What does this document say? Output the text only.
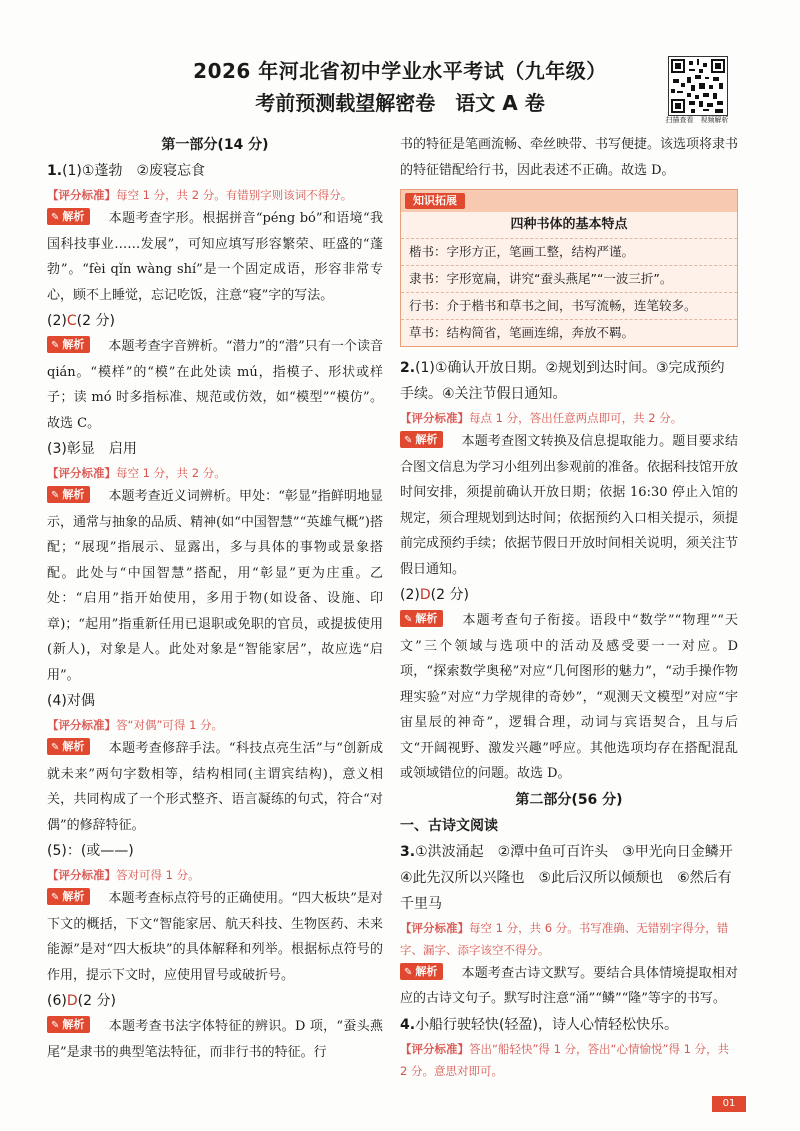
2026 年河北省初中学业水平考试（九年级）
考前预测载望解密卷　语文 A 卷
扫描查看　视频解析
第一部分(14 分)
1.(1)①蓬勃　②废寝忘食
【评分标准】每空 1 分，共 2 分。有错别字则该词不得分。
✎ 解析 本题考查字形。根据拼音“péng bó”和语境“我国科技事业……发展”，可知应填写形容繁荣、旺盛的“蓬勃”。“fèi qǐn wàng shí”是一个固定成语，形容非常专心，顾不上睡觉，忘记吃饭，注意“寝”字的写法。
(2)C(2 分)
✎ 解析 本题考查字音辨析。“潜力”的“潜”只有一个读音 qián。“模样”的“模”在此处读 mú，指模子、形状或样子；读 mó 时多指标准、规范或仿效，如“模型”“模仿”。故选 C。
(3)彰显　启用
【评分标准】每空 1 分，共 2 分。
✎ 解析 本题考查近义词辨析。甲处：“彰显”指鲜明地显示，通常与抽象的品质、精神(如“中国智慧”“英雄气概”)搭配；“展现”指展示、显露出，多与具体的事物或景象搭配。此处与“中国智慧”搭配，用“彰显”更为庄重。乙处：“启用”指开始使用，多用于物(如设备、设施、印章)；“起用”指重新任用已退职或免职的官员，或提拔使用(新人)，对象是人。此处对象是“智能家居”，故应选“启用”。
(4)对偶
【评分标准】答“对偶”可得 1 分。
✎ 解析 本题考查修辞手法。“科技点亮生活”与“创新成就未来”两句字数相等，结构相同(主谓宾结构)，意义相关，共同构成了一个形式整齐、语言凝练的句式，符合“对偶”的修辞特征。
(5)：(或——)
【评分标准】答对可得 1 分。
✎ 解析 本题考查标点符号的正确使用。“四大板块”是对下文的概括，下文“智能家居、航天科技、生物医药、未来能源”是对“四大板块”的具体解释和列举。根据标点符号的作用，提示下文时，应使用冒号或破折号。
(6)D(2 分)
✎ 解析 本题考查书法字体特征的辨识。D 项，“蚕头燕尾”是隶书的典型笔法特征，而非行书的特征。行
书的特征是笔画流畅、牵丝映带、书写便捷。该选项将隶书的特征错配给行书，因此表述不正确。故选 D。
知识拓展
四种书体的基本特点
楷书：字形方正，笔画工整，结构严谨。
隶书：字形宽扁，讲究“蚕头燕尾”“一波三折”。
行书：介于楷书和草书之间，书写流畅，连笔较多。
草书：结构简省，笔画连绵，奔放不羁。
2.(1)①确认开放日期。②规划到达时间。③完成预约手续。④关注节假日通知。
【评分标准】每点 1 分，答出任意两点即可，共 2 分。
✎ 解析 本题考查图文转换及信息提取能力。题目要求结合图文信息为学习小组列出参观前的准备。依据科技馆开放时间安排，须提前确认开放日期；依据 16:30 停止入馆的规定，须合理规划到达时间；依据预约入口相关提示，须提前完成预约手续；依据节假日开放时间相关说明，须关注节假日通知。
(2)D(2 分)
✎ 解析 本题考查句子衔接。语段中“数学”“物理”“天文”三个领域与选项中的活动及感受要一一对应。D 项，“探索数学奥秘”对应“几何图形的魅力”，“动手操作物理实验”对应“力学规律的奇妙”，“观测天文模型”对应“宇宙星辰的神奇”，逻辑合理，动词与宾语契合，且与后文“开阔视野、激发兴趣”呼应。其他选项均存在搭配混乱或领域错位的问题。故选 D。
第二部分(56 分)
一、古诗文阅读
3.①洪波涌起　②潭中鱼可百许头　③甲光向日金鳞开　④此先汉所以兴隆也　⑤此后汉所以倾颓也　⑥然后有千里马
【评分标准】每空 1 分，共 6 分。书写准确、无错别字得分，错字、漏字、添字该空不得分。
✎ 解析 本题考查古诗文默写。要结合具体情境提取相对应的古诗文句子。默写时注意“涌”“鳞”“隆”等字的书写。
4.小船行驶轻快(轻盈)，诗人心情轻松快乐。
【评分标准】答出“船轻快”得 1 分，答出“心情愉悦”得 1 分，共 2 分。意思对即可。
01
